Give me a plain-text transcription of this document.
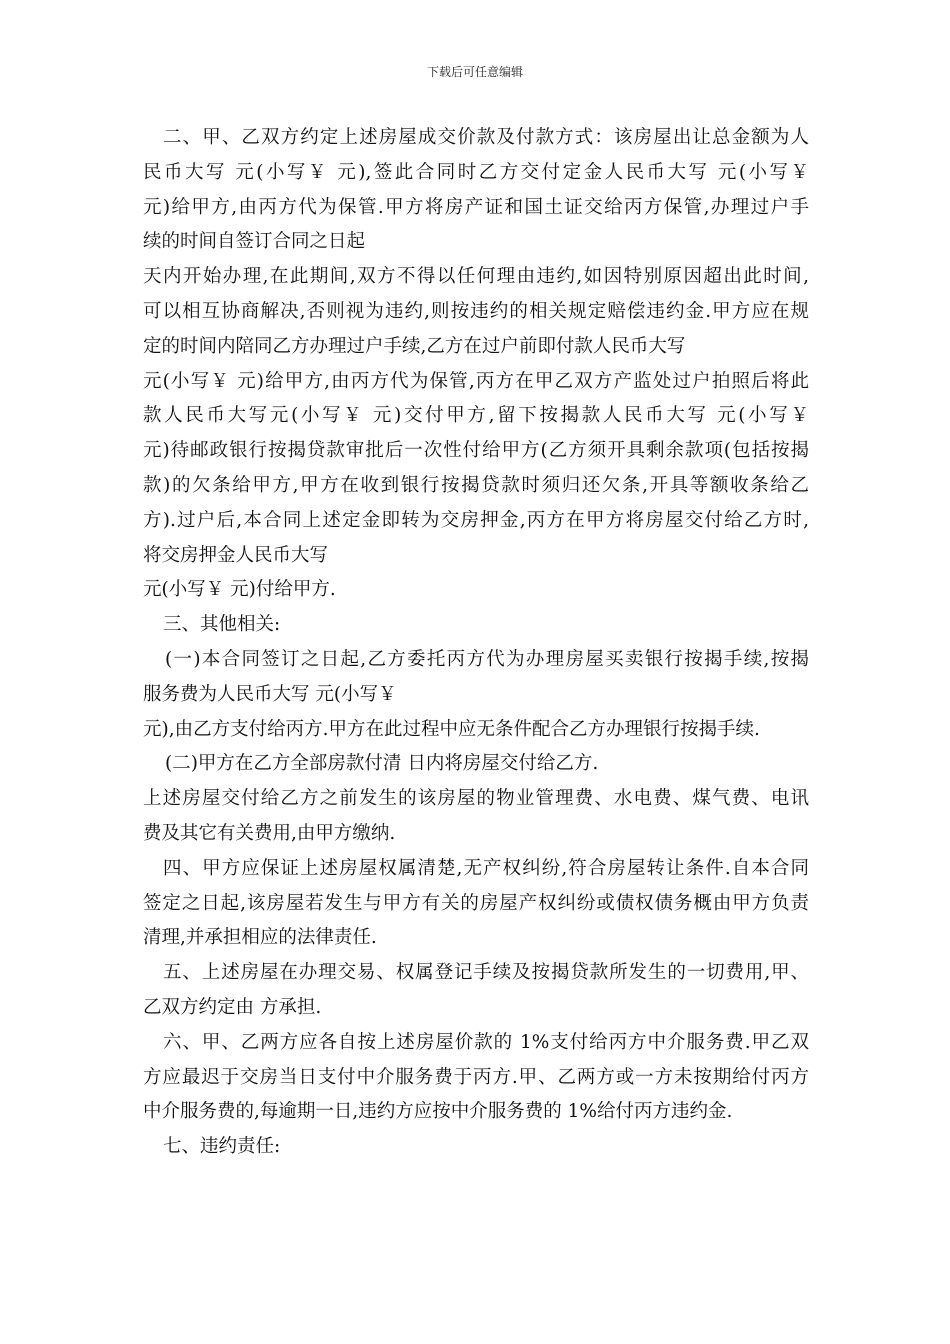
下载后可任意编辑
二、甲、乙双方约定上述房屋成交价款及付款方式：该房屋出让总金额为人
民币大写 元(小写￥ 元),签此合同时乙方交付定金人民币大写 元(小写￥
元)给甲方,由丙方代为保管.甲方将房产证和国土证交给丙方保管,办理过户手
续的时间自签订合同之日起
天内开始办理,在此期间,双方不得以任何理由违约,如因特别原因超出此时间,
可以相互协商解决,否则视为违约,则按违约的相关规定赔偿违约金.甲方应在规
定的时间内陪同乙方办理过户手续,乙方在过户前即付款人民币大写
元(小写￥ 元)给甲方,由丙方代为保管,丙方在甲乙双方产监处过户拍照后将此
款人民币大写元(小写￥ 元)交付甲方,留下按揭款人民币大写 元(小写￥
元)待邮政银行按揭贷款审批后一次性付给甲方(乙方须开具剩余款项(包括按揭
款)的欠条给甲方,甲方在收到银行按揭贷款时须归还欠条,开具等额收条给乙
方).过户后,本合同上述定金即转为交房押金,丙方在甲方将房屋交付给乙方时,
将交房押金人民币大写
元(小写￥ 元)付给甲方.
三、其他相关:
(一)本合同签订之日起,乙方委托丙方代为办理房屋买卖银行按揭手续,按揭
服务费为人民币大写 元(小写￥
元),由乙方支付给丙方.甲方在此过程中应无条件配合乙方办理银行按揭手续.
(二)甲方在乙方全部房款付清 日内将房屋交付给乙方.
上述房屋交付给乙方之前发生的该房屋的物业管理费、水电费、煤气费、电讯
费及其它有关费用,由甲方缴纳.
四、甲方应保证上述房屋权属清楚,无产权纠纷,符合房屋转让条件.自本合同
签定之日起,该房屋若发生与甲方有关的房屋产权纠纷或债权债务概由甲方负责
清理,并承担相应的法律责任.
五、上述房屋在办理交易、权属登记手续及按揭贷款所发生的一切费用,甲、
乙双方约定由 方承担.
六、甲、乙两方应各自按上述房屋价款的 1%支付给丙方中介服务费.甲乙双
方应最迟于交房当日支付中介服务费于丙方.甲、乙两方或一方未按期给付丙方
中介服务费的,每逾期一日,违约方应按中介服务费的 1%给付丙方违约金.
七、违约责任:
